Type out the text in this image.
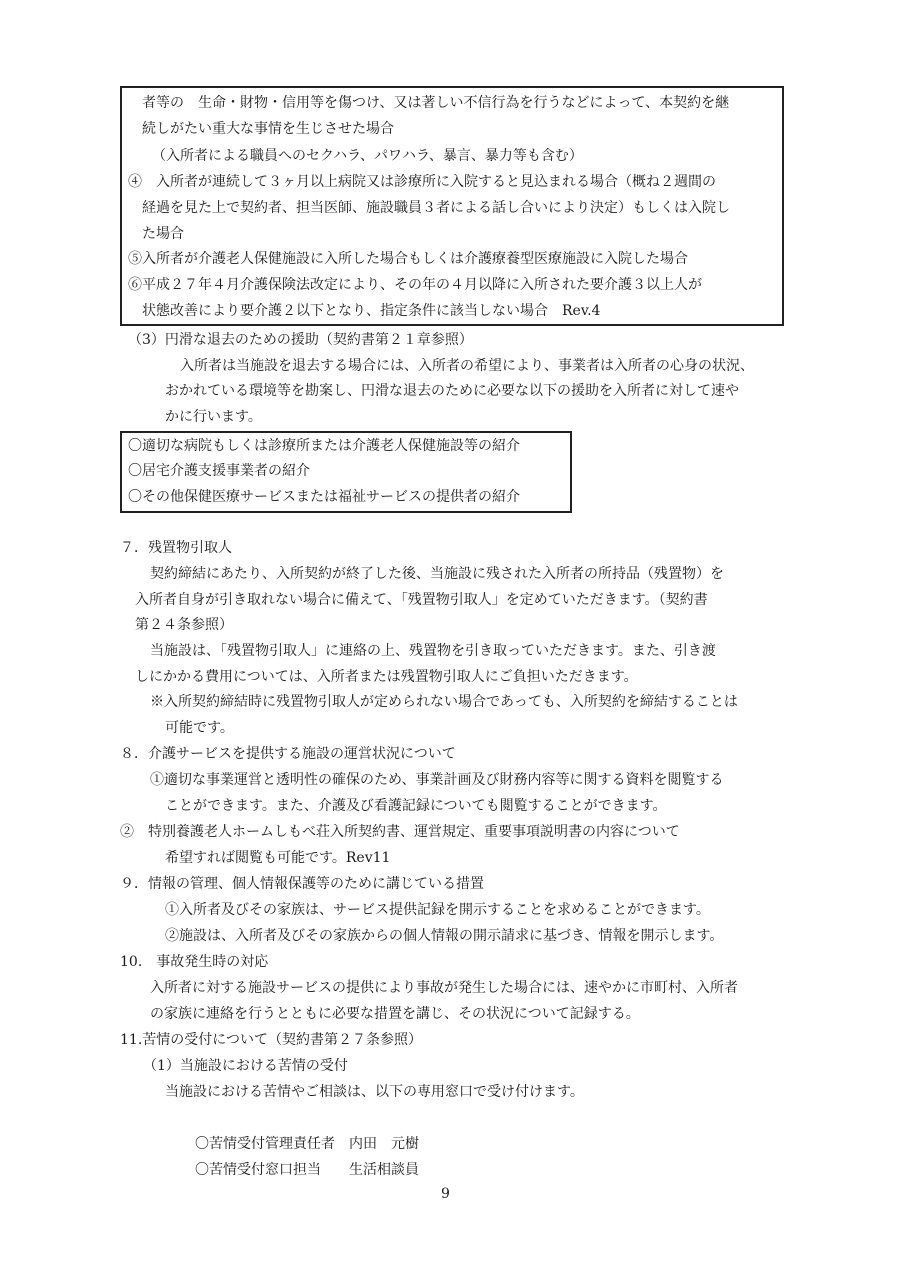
者等の　生命・財物・信用等を傷つけ、又は著しい不信行為を行うなどによって、本契約を継
続しがたい重大な事情を生じさせた場合
（入所者による職員へのセクハラ、パワハラ、暴言、暴力等も含む）
④　入所者が連続して３ヶ月以上病院又は診療所に入院すると見込まれる場合（概ね２週間の
経過を見た上で契約者、担当医師、施設職員３者による話し合いにより決定）もしくは入院し
た場合
⑤入所者が介護老人保健施設に入所した場合もしくは介護療養型医療施設に入院した場合
⑥平成２７年４月介護保険法改定により、その年の４月以降に入所された要介護３以上人が
状態改善により要介護２以下となり、指定条件に該当しない場合　Rev.4
（3）円滑な退去のための援助（契約書第２１章参照）
入所者は当施設を退去する場合には、入所者の希望により、事業者は入所者の心身の状況、
おかれている環境等を勘案し、円滑な退去のために必要な以下の援助を入所者に対して速や
かに行います。
〇適切な病院もしくは診療所または介護老人保健施設等の紹介
〇居宅介護支援事業者の紹介
〇その他保健医療サービスまたは福祉サービスの提供者の紹介
７．残置物引取人
契約締結にあたり、入所契約が終了した後、当施設に残された入所者の所持品（残置物）を
入所者自身が引き取れない場合に備えて、「残置物引取人」を定めていただきます。（契約書
第２４条参照）
当施設は、「残置物引取人」に連絡の上、残置物を引き取っていただきます。また、引き渡
しにかかる費用については、入所者または残置物引取人にご負担いただきます。
※入所契約締結時に残置物引取人が定められない場合であっても、入所契約を締結することは
可能です。
８．介護サービスを提供する施設の運営状況について
①適切な事業運営と透明性の確保のため、事業計画及び財務内容等に関する資料を閲覧する
ことができます。また、介護及び看護記録についても閲覧することができます。
②　特別養護老人ホームしもべ荘入所契約書、運営規定、重要事項説明書の内容について
希望すれば閲覧も可能です。Rev11
９．情報の管理、個人情報保護等のために講じている措置
①入所者及びその家族は、サービス提供記録を開示することを求めることができます。
②施設は、入所者及びその家族からの個人情報の開示請求に基づき、情報を開示します。
10.　事故発生時の対応
入所者に対する施設サービスの提供により事故が発生した場合には、速やかに市町村、入所者
の家族に連絡を行うとともに必要な措置を講じ、その状況について記録する。
11.苦情の受付について（契約書第２７条参照）
（1）当施設における苦情の受付
当施設における苦情やご相談は、以下の専用窓口で受け付けます。
〇苦情受付管理責任者　内田　元樹
〇苦情受付窓口担当　　生活相談員
9
